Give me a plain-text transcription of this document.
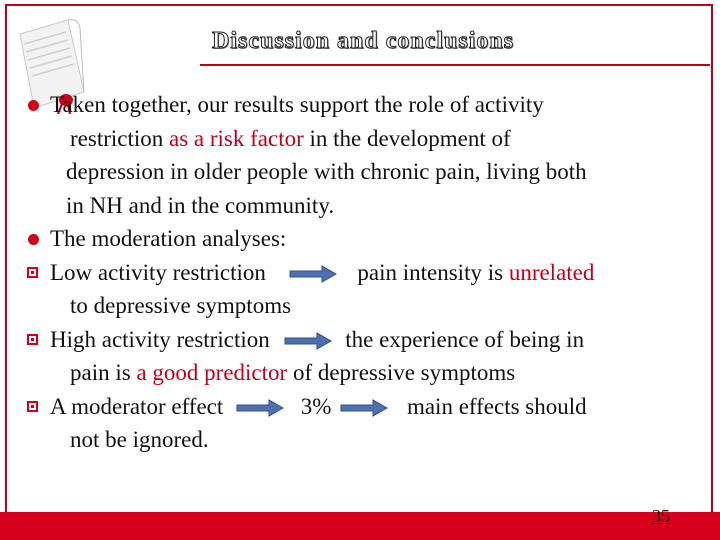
Discussion and conclusions
Taken together, our results support the role of activity
restriction as a risk factor in the development of
depression in older people with chronic pain, living both
in NH and in the community.
The moderation analyses:
Low activity restriction	pain intensity is unrelated
to depressive symptoms
High activity restriction	the experience of being in
pain is a good predictor of depressive symptoms
A moderator effect	3%	main effects should
not be ignored.
35
